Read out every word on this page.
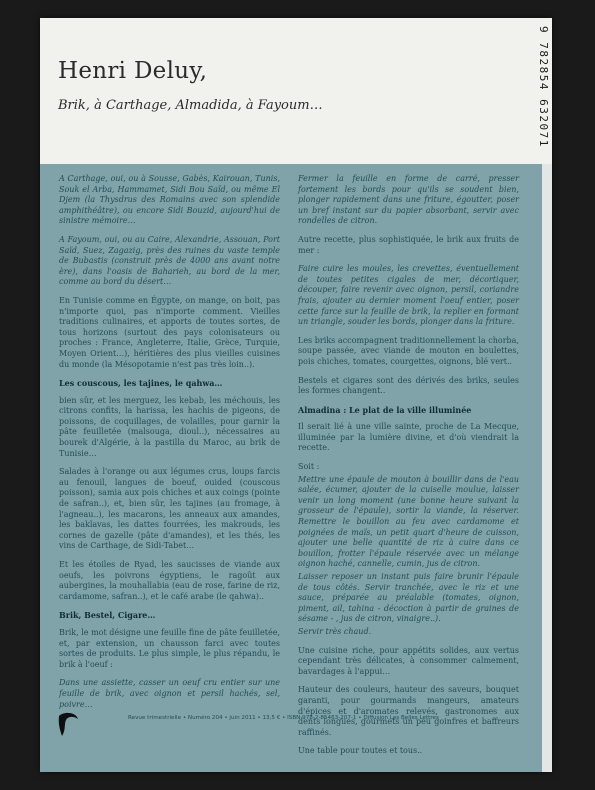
Henri Deluy,

Brik, à Carthage, Almadida, à Fayoum…	9 782854 632071

A Carthage, oui, ou à Sousse, Gabès, Kairouan, Tunis, Souk el Arba, Hammamet, Sidi Bou Saïd, ou même El Djem (la Thysdrus des Romains avec son splendide amphithéâtre), ou encore Sidi Bouzid, aujourd'hui de sinistre mémoire…

A Fayoum, oui, ou au Caire, Alexandrie, Assouan, Port Saïd, Suez, Zagazig, près des ruines du vaste temple de Bubastis (construit près de 4000 ans avant notre ère), dans l'oasis de Baharieh, au bord de la mer, comme au bord du désert…

En Tunisie comme en Égypte, on mange, on boit, pas n'importe quoi, pas n'importe comment. Vieilles traditions culinaires, et apports de toutes sortes, de tous horizons (surtout des pays colonisateurs ou proches : France, Angleterre, Italie, Grèce, Turquie, Moyen Orient…), héritières des plus vieilles cuisines du monde (la Mésopotamie n'est pas très loin..).

Les couscous, les tajines, le qahwa…

bien sûr, et les merguez, les kebab, les méchouis, les citrons confits, la harissa, les hachis de pigeons, de poissons, de coquillages, de volailles, pour garnir la pâte feuilletée (malsouga, dioul..), nécessaires au bourek d'Algérie, à la pastilla du Maroc, au brik de Tunisie…

Salades à l'orange ou aux légumes crus, loups farcis au fenouil, langues de boeuf, ouided (couscous poisson), samia aux pois chiches et aux coings (pointe de safran..), et, bien sûr, les tajines (au fromage, à l'agneau..), les macarons, les anneaux aux amandes, les baklavas, les dattes fourrées, les makrouds, les cornes de gazelle (pâte d'amandes), et les thés, les vins de Carthage, de Sidi-Tabet…

Et les étoiles de Ryad, les saucisses de viande aux oeufs, les poivrons égyptiens, le ragoût aux aubergines, la mouhallabia (eau de rose, farine de riz, cardamome, safran..), et le café arabe (le qahwa)..

Brik, Bestel, Cigare…

Brik, le mot désigne une feuille fine de pâte feuilletée, et, par extension, un chausson farci avec toutes sortes de produits. Le plus simple, le plus répandu, le brik à l'oeuf :

Dans une assiette, casser un oeuf cru entier sur une feuille de brik, avec oignon et persil hachés, sel, poivre…

Fermer la feuille en forme de carré, presser fortement les bords pour qu'ils se soudent bien, plonger rapidement dans une friture, égoutter, poser un bref instant sur du papier absorbant, servir avec rondelles de citron.

Autre recette, plus sophistiquée, le brik aux fruits de mer :

Faire cuire les moules, les crevettes, éventuellement de toutes petites cigales de mer, décortiquer, découper, faire revenir avec oignon, persil, coriandre frais, ajouter au dernier moment l'oeuf entier, poser cette farce sur la feuille de brik, la replier en formant un triangle, souder les bords, plonger dans la friture.

Les briks accompagnent traditionnellement la chorba, soupe passée, avec viande de mouton en boulettes, pois chiches, tomates, courgettes, oignons, blé vert..

Bestels et cigares sont des dérivés des briks, seules les formes changent..

Almadina : Le plat de la ville illuminée

Il serait lié à une ville sainte, proche de La Mecque, illuminée par la lumière divine, et d'où viendrait la recette.

Soit :

Mettre une épaule de mouton à bouillir dans de l'eau salée, écumer, ajouter de la cuiselle moulue, laisser venir un long moment (une bonne heure suivant la grosseur de l'épaule), sortir la viande, la réserver. Remettre le bouillon au feu avec cardamome et poignées de maïs, un petit quart d'heure de cuisson, ajouter une belle quantité de riz à cuire dans ce bouillon, frotter l'épaule réservée avec un mélange oignon haché, cannelle, cumin, jus de citron.

Laisser reposer un instant puis faire brunir l'épaule de tous côtés. Servir tranchée, avec le riz et une sauce, préparée au préalable (tomates, oignon, piment, ail, tahina - décoction à partir de graines de sésame - , jus de citron, vinaigre..).

Servir très chaud.

Une cuisine riche, pour appétits solides, aux vertus cependant très délicates, à consommer calmement, bavardages à l'appui…

Hauteur des couleurs, hauteur des saveurs, bouquet garanti, pour gourmands mangeurs, amateurs d'épices et d'aromates relevés, gastronomes aux dents longues, gourmets un peu goinfres et baffreurs raffinés.

Une table pour toutes et tous..

Revue trimestrielle • Numéro 204 • juin 2011 • 13,5 € • ISBN 978-2-85463-207-1 • Diffusion Les Belles Lettres
